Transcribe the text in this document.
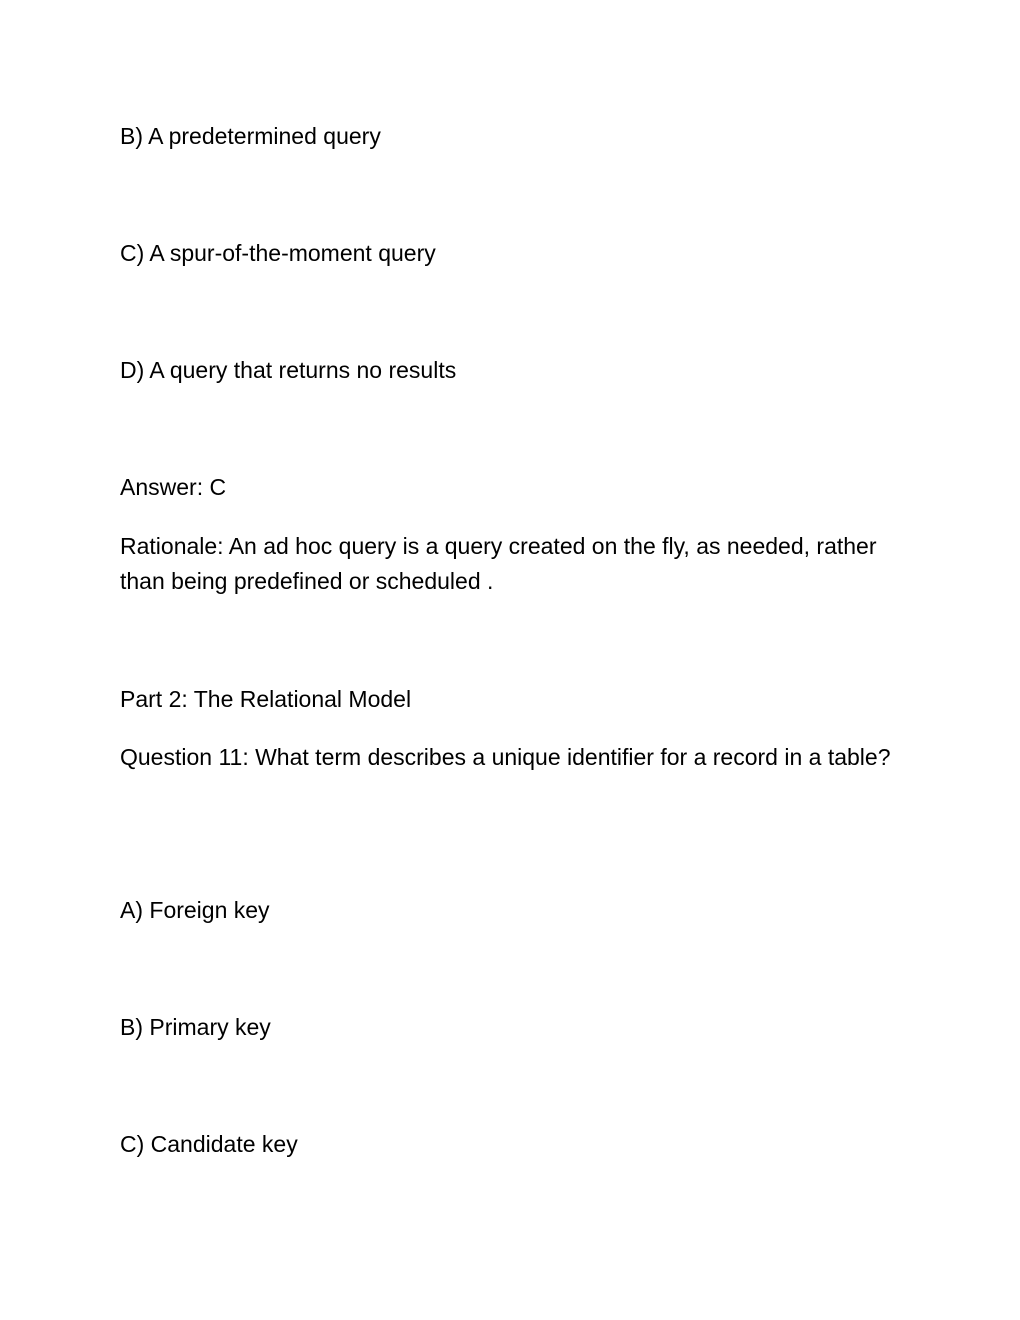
B) A predetermined query
C) A spur-of-the-moment query
D) A query that returns no results
Answer: C
Rationale: An ad hoc query is a query created on the fly, as needed, rather than being predefined or scheduled .
Part 2: The Relational Model
Question 11: What term describes a unique identifier for a record in a table?
A) Foreign key
B) Primary key
C) Candidate key
